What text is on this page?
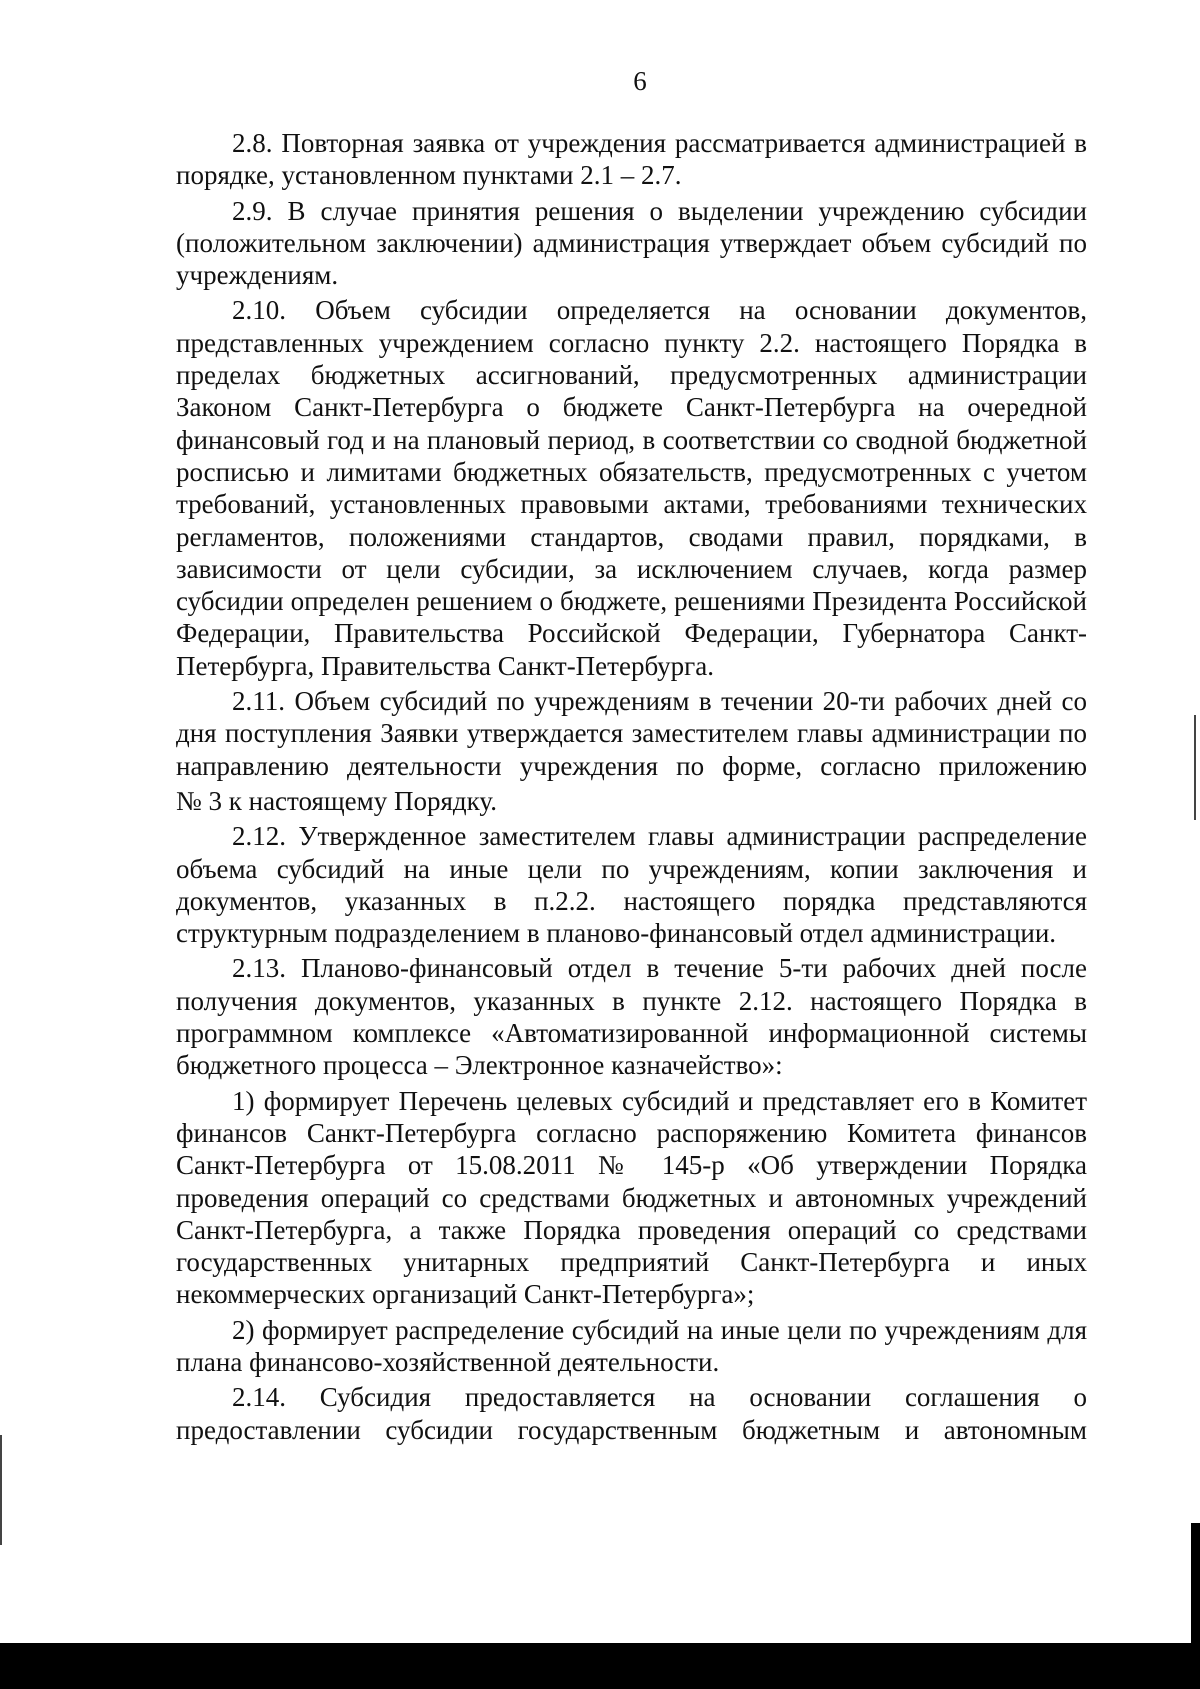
6

2.8. Повторная заявка от учреждения рассматривается администрацией в порядке, установленном пунктами 2.1 – 2.7.

2.9. В случае принятия решения о выделении учреждению субсидии (положительном заключении) администрация утверждает объем субсидий по учреждениям.

2.10. Объем субсидии определяется на основании документов, представленных учреждением согласно пункту 2.2. настоящего Порядка в пределах бюджетных ассигнований, предусмотренных администрации Законом Санкт-Петербурга о бюджете Санкт-Петербурга на очередной финансовый год и на плановый период, в соответствии со сводной бюджетной росписью и лимитами бюджетных обязательств, предусмотренных с учетом требований, установленных правовыми актами, требованиями технических регламентов, положениями стандартов, сводами правил, порядками, в зависимости от цели субсидии, за исключением случаев, когда размер субсидии определен решением о бюджете, решениями Президента Российской Федерации, Правительства Российской Федерации, Губернатора Санкт-Петербурга, Правительства Санкт-Петербурга.

2.11. Объем субсидий по учреждениям в течении 20-ти рабочих дней со дня поступления Заявки утверждается заместителем главы администрации по направлению деятельности учреждения по форме, согласно приложению

№ 3 к настоящему Порядку.

2.12. Утвержденное заместителем главы администрации распределение объема субсидий на иные цели по учреждениям, копии заключения и документов, указанных в п.2.2. настоящего порядка представляются структурным подразделением в планово-финансовый отдел администрации.

2.13. Планово-финансовый отдел в течение 5-ти рабочих дней после получения документов, указанных в пункте 2.12. настоящего Порядка в программном комплексе «Автоматизированной информационной системы бюджетного процесса – Электронное казначейство»:

1) формирует Перечень целевых субсидий и представляет его в Комитет финансов Санкт-Петербурга согласно распоряжению Комитета финансов Санкт-Петербурга от 15.08.2011 № 145-р «Об утверждении Порядка проведения операций со средствами бюджетных и автономных учреждений Санкт-Петербурга, а также Порядка проведения операций со средствами государственных унитарных предприятий Санкт-Петербурга и иных некоммерческих организаций Санкт-Петербурга»;

2) формирует распределение субсидий на иные цели по учреждениям для плана финансово-хозяйственной деятельности.

2.14. Субсидия предоставляется на основании соглашения о предоставлении субсидии государственным бюджетным и автономным
